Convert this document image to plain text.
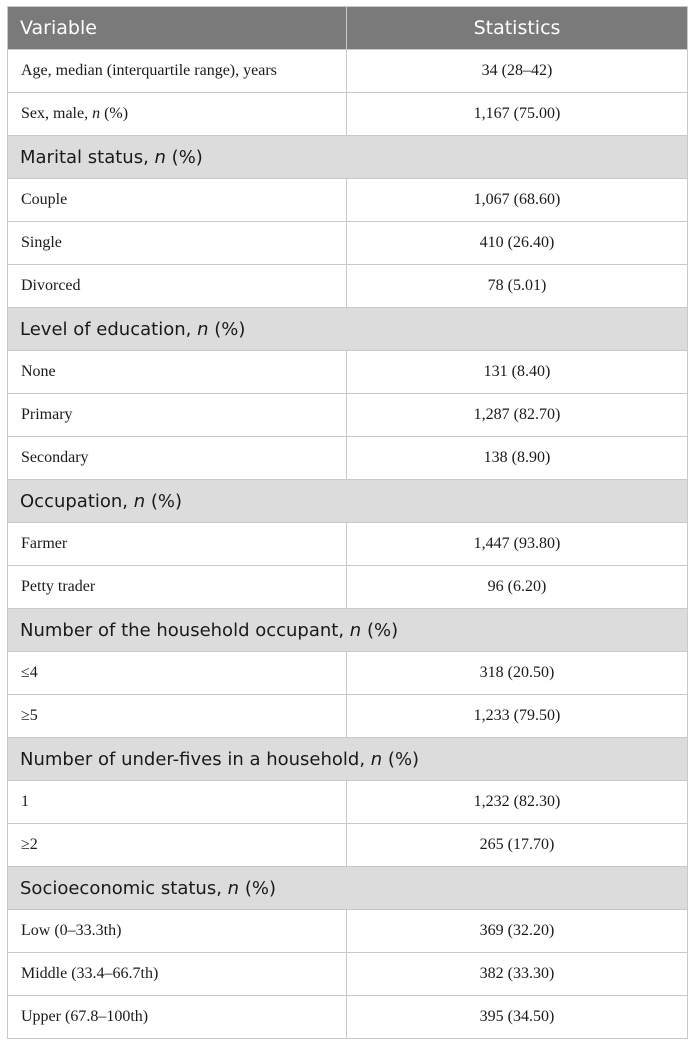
Variable	Statistics
Age, median (interquartile range), years	34 (28–42)
Sex, male, n (%)	1,167 (75.00)
Marital status, n (%)	
Couple	1,067 (68.60)
Single	410 (26.40)
Divorced	78 (5.01)
Level of education, n (%)	
None	131 (8.40)
Primary	1,287 (82.70)
Secondary	138 (8.90)
Occupation, n (%)	
Farmer	1,447 (93.80)
Petty trader	96 (6.20)
Number of the household occupant, n (%)	
≤4	318 (20.50)
≥5	1,233 (79.50)
Number of under-fives in a household, n (%)	
1	1,232 (82.30)
≥2	265 (17.70)
Socioeconomic status, n (%)	
Low (0–33.3th)	369 (32.20)
Middle (33.4–66.7th)	382 (33.30)
Upper (67.8–100th)	395 (34.50)
